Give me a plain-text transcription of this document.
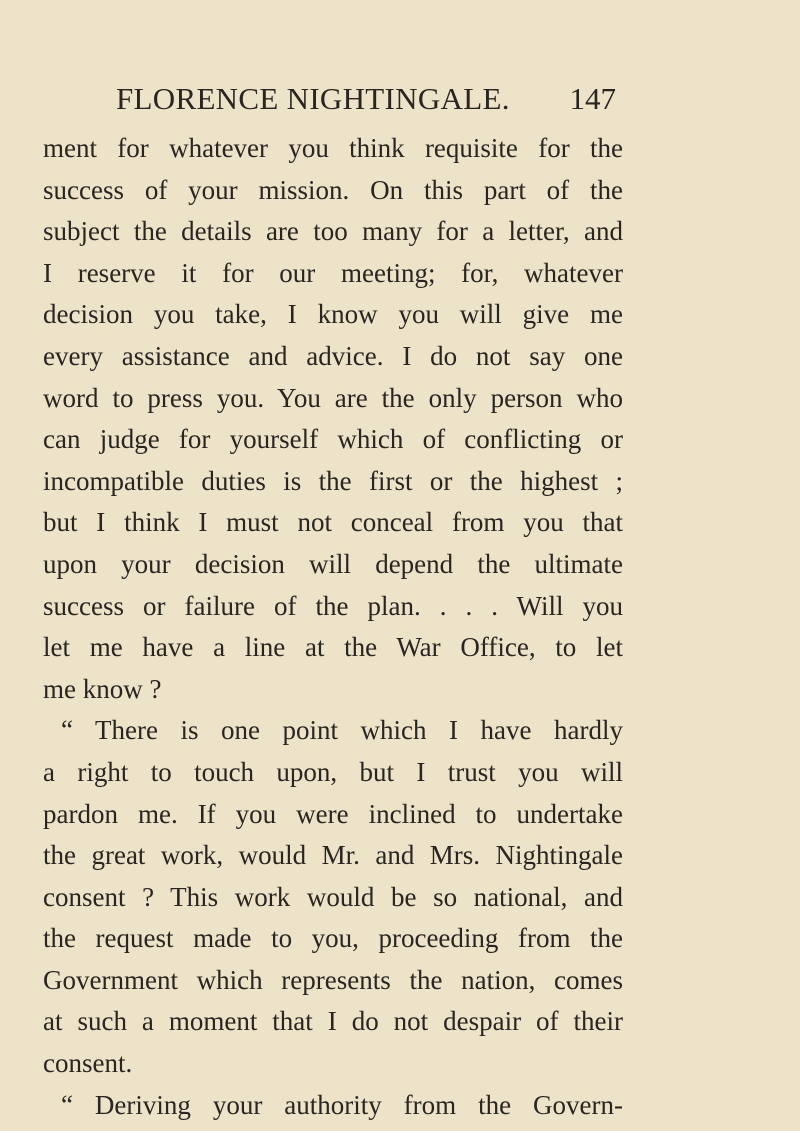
FLORENCE NIGHTINGALE. 147
ment for whatever you think requisite for the
success of your mission. On this part of the
subject the details are too many for a letter, and
I reserve it for our meeting; for, whatever
decision you take, I know you will give me
every assistance and advice. I do not say one
word to press you. You are the only person who
can judge for yourself which of conflicting or
incompatible duties is the first or the highest ;
but I think I must not conceal from you that
upon your decision will depend the ultimate
success or failure of the plan. . . . Will you
let me have a line at the War Office, to let
me know ?
“ There is one point which I have hardly
a right to touch upon, but I trust you will
pardon me. If you were inclined to undertake
the great work, would Mr. and Mrs. Nightingale
consent ? This work would be so national, and
the request made to you, proceeding from the
Government which represents the nation, comes
at such a moment that I do not despair of their
consent.
“ Deriving your authority from the Govern-
